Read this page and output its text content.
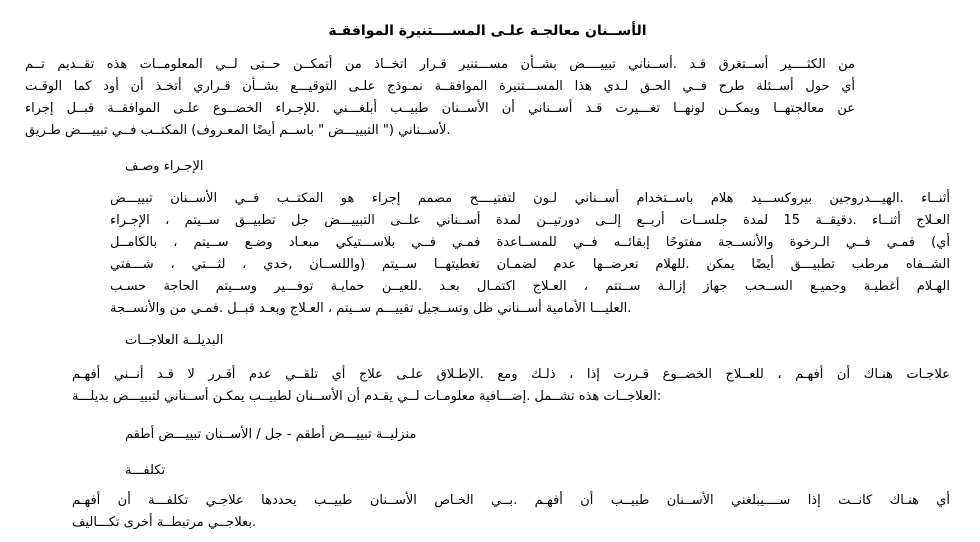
الأســنان معالجـة علـى المســــتنيرة الموافقـة
من الكثــــير أســتغرق قـد .أســناني تبييــــض بشــأن مســـتنير قـرار اتخــاذ من أتمكــن حــتى لــي المعلومــات هذه تقــديم تــم
أي حول أســئلة طرح فــي الحـق لـدي هذا المســـتنيرة الموافقــة نمـوذج علـى التوقيـــع بشــأن قـراري أتخـذ أن أود كما الوقـت
عن معالجتهــا ويمكــن لونهــا تغـــيرت قـد أســناني أن الأســنان طبيــب أبلغـــني .للإجـراء الخضــوع علـى الموافقــة قبــل إجراء
.لأســناني (" التبييـــض " باســم أيضًا المعـروف) المكتــب فــي تبييـــض طـريق
الإجـراء وصـف
أثنــاء .الهيـــدروجين بيروكســـيد هلام باســتخدام أســناني لـون لتفتيــــح مصمم إجراء هو المكتــب فــي الأســنان تبييـــض
العـلاج أثنــاء .دقيقــة 15 لمدة جلســات أربــع إلــى دورتيــن لمدة أســناني علــى التبييـــض جل تطبيــق ســيتم ، الإجـراء
أي) فمـي فــي الـرخوة والأنســجة مفتوحًا إبقائــه فــي للمســاعدة فمـي فــي بلاســـتيكي مبعـاد وضـع ســيتم ، بالكامــل
الشــفاه مرطب تطبيـــق أيضًا يمكن .للهلام تعرضــها عدم لضمـان تغطيتهــا ســيتم (واللســان ,خدي ، لثـــتي ، شـــفتي
الهـلام أغطيـة وجميـع الســحب جهاز إزالـة ســتتم ، العـلاج اكتمـال بعـد .للعيــن حمايـة توفـــير وســيتم الحاجة حسـب
.العليـــا الأمامية أســناني ظل وتســجيل تقييـــم ســيتم ، العـلاج وبعـد قبــل .فمـي من والأنســجة
البديلــة العلاجــات
علاجـات هنـاك أن أفهـم ، للعــلاج الخضــوع قـررت إذا ، ذلـك ومع .الإطـلاق علـى علاج أي تلقــي عدم أقـرر لا قـد أنــني أفهـم
:العلاجــات هذه تشــمل .إضـــافية معلومـات لــي يقـدم أن الأســنان لطبيــب يمكـن أســناني لتبييـــض بديلـــة
منزليــة تبييـــض أطقم - جل / الأســنان تبييـــض أطقم
تكلفـــة
أي هنـاك كانــت إذا ســــيبلغني الأســنان طبيــب أن أفهـم .بــي الخـاص الأســنان طبيــب يحددها علاجـي تكلفـــة أن أفهـم
.بعلاجــي مرتبطــة أخرى تكـــاليف
